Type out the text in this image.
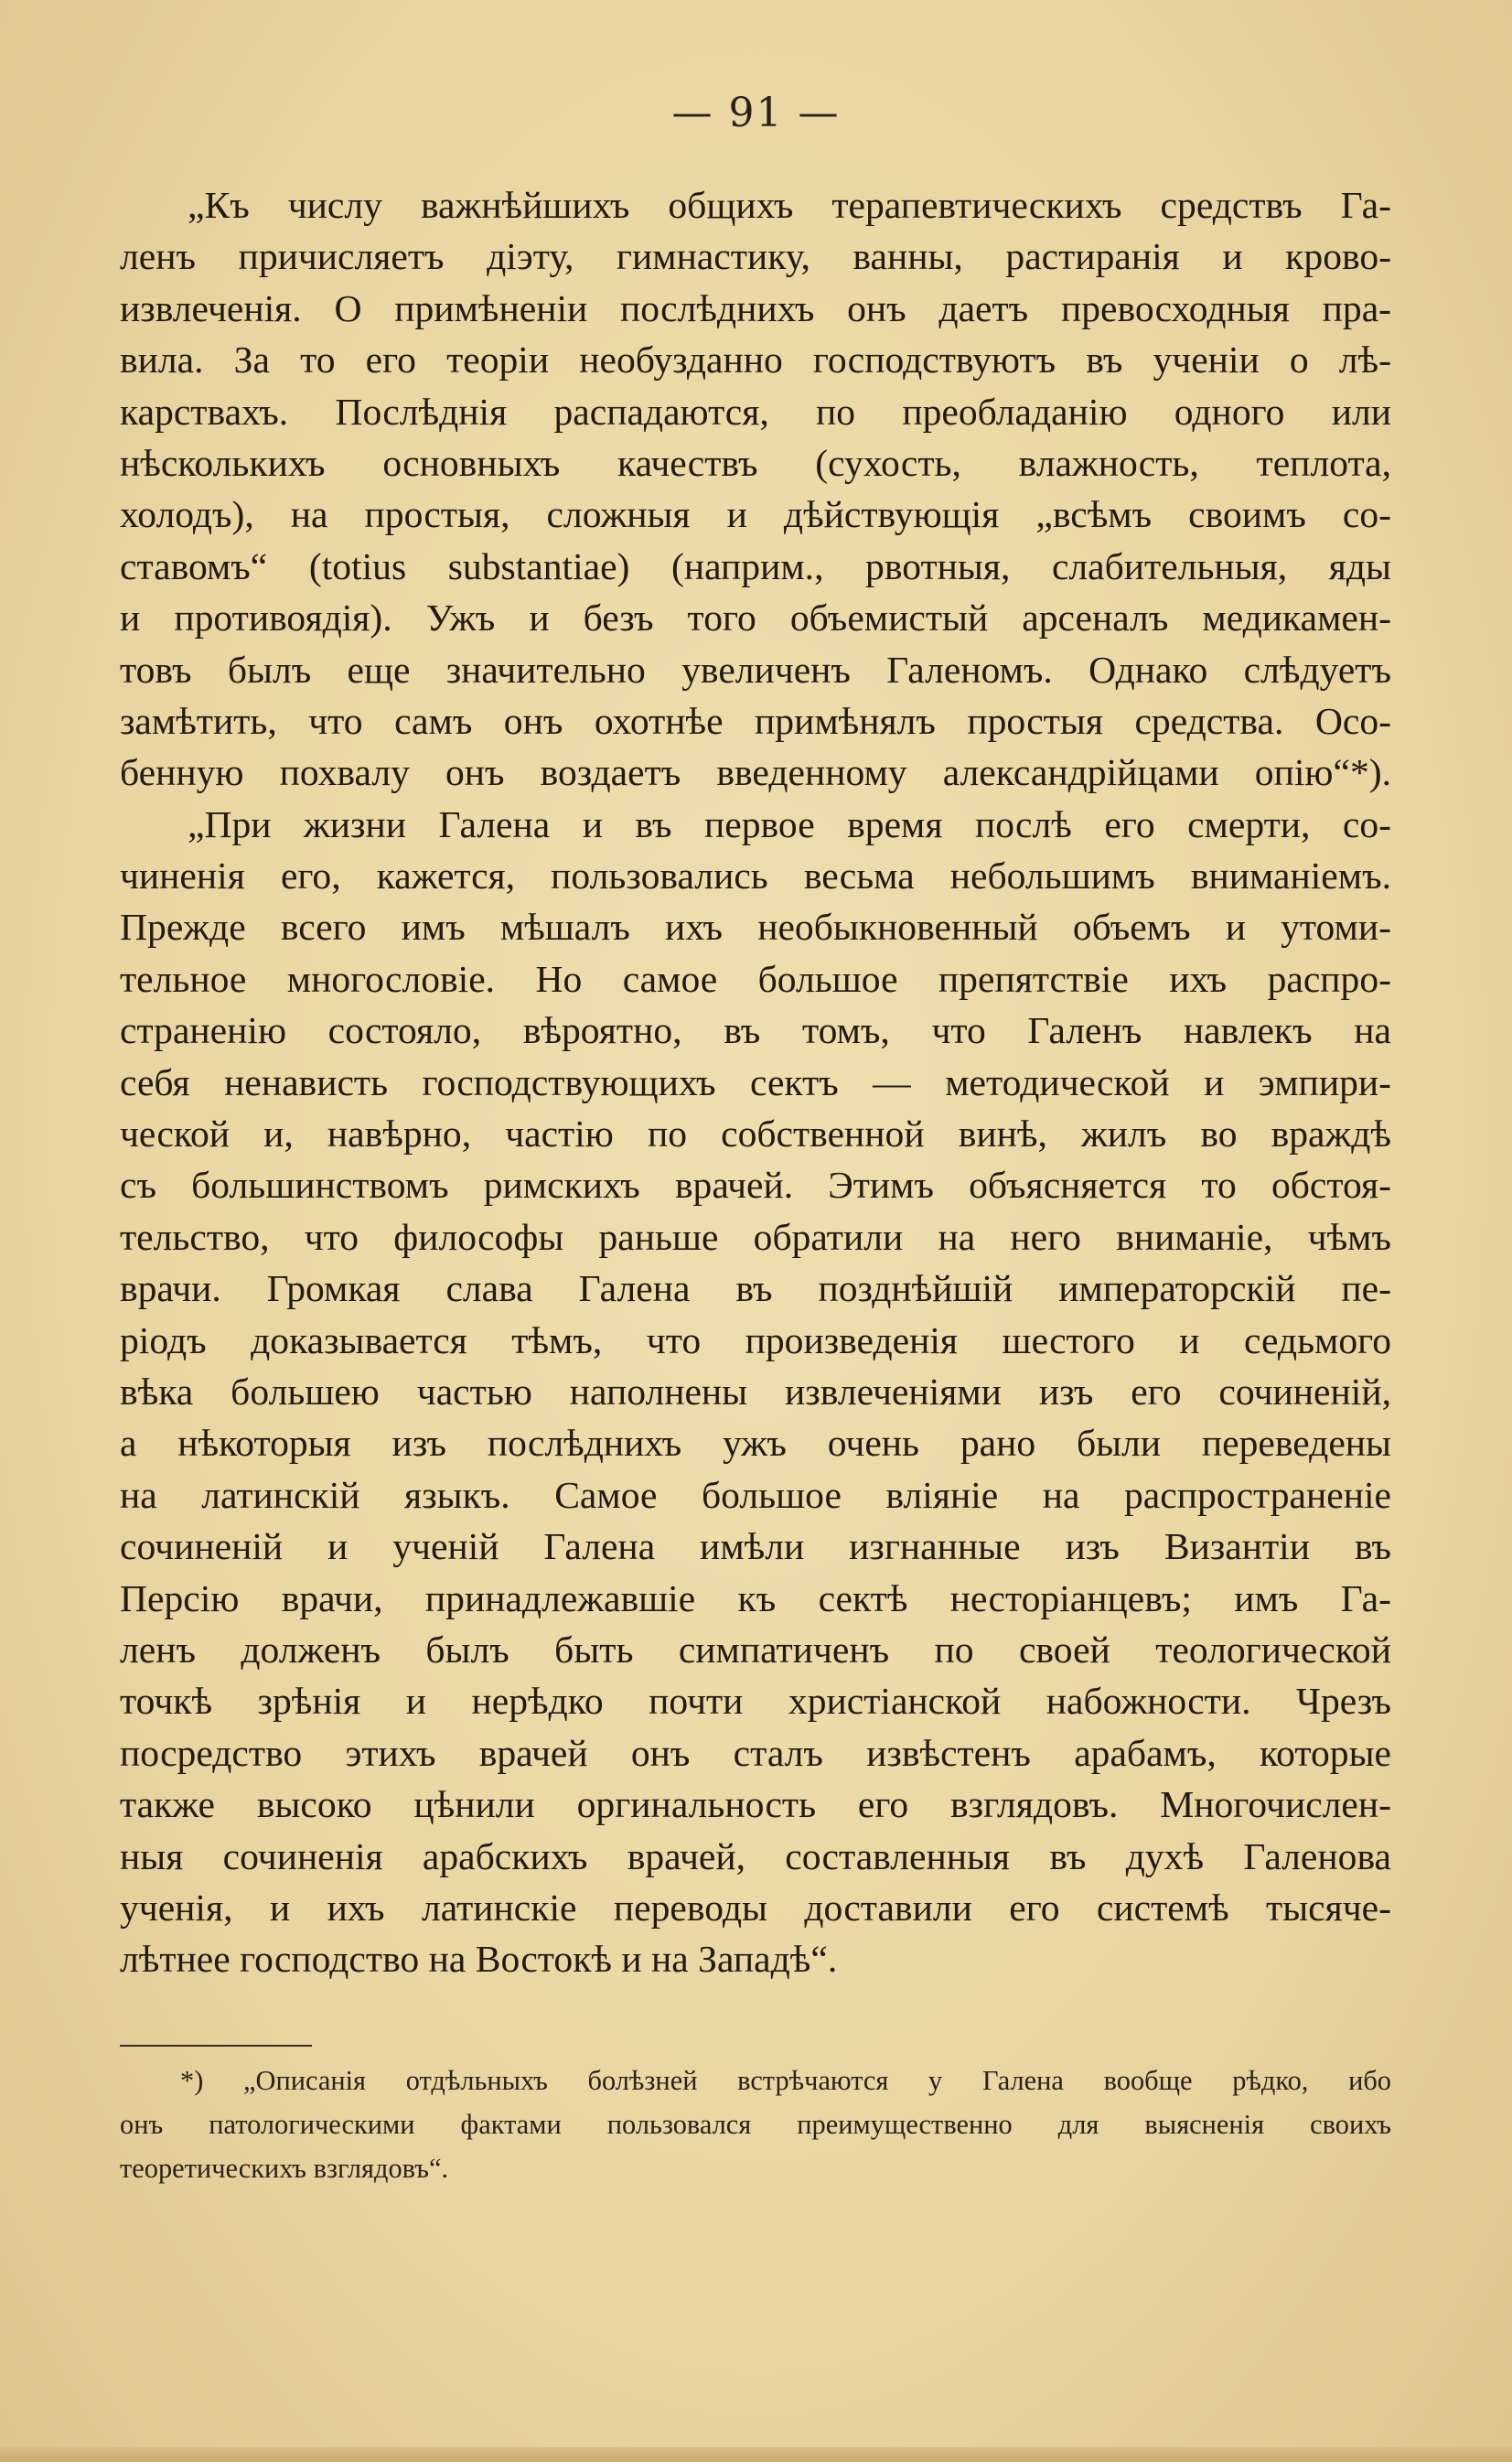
— 91 —
„Къ числу важнѣйшихъ общихъ терапевтическихъ средствъ Га-
ленъ причисляетъ діэту, гимнастику, ванны, растиранія и крово-
извлеченія. О примѣненіи послѣднихъ онъ даетъ превосходныя пра-
вила. За то его теоріи необузданно господствуютъ въ ученіи о лѣ-
карствахъ. Послѣднія распадаются, по преобладанію одного или
нѣсколькихъ основныхъ качествъ (сухость, влажность, теплота,
холодъ), на простыя, сложныя и дѣйствующія „всѣмъ своимъ со-
ставомъ“ (totius substantiae) (наприм., рвотныя, слабительныя, яды
и противоядія). Ужъ и безъ того объемистый арсеналъ медикамен-
товъ былъ еще значительно увеличенъ Галеномъ. Однако слѣдуетъ
замѣтить, что самъ онъ охотнѣе примѣнялъ простыя средства. Осо-
бенную похвалу онъ воздаетъ введенному александрійцами опію“*).
„При жизни Галена и въ первое время послѣ его смерти, со-
чиненія его, кажется, пользовались весьма небольшимъ вниманіемъ.
Прежде всего имъ мѣшалъ ихъ необыкновенный объемъ и утоми-
тельное многословіе. Но самое большое препятствіе ихъ распро-
страненію состояло, вѣроятно, въ томъ, что Галенъ навлекъ на
себя ненависть господствующихъ сектъ — методической и эмпири-
ческой и, навѣрно, частію по собственной винѣ, жилъ во враждѣ
съ большинствомъ римскихъ врачей. Этимъ объясняется то обстоя-
тельство, что философы раньше обратили на него вниманіе, чѣмъ
врачи. Громкая слава Галена въ позднѣйшій императорскій пе-
ріодъ доказывается тѣмъ, что произведенія шестого и седьмого
вѣка большею частью наполнены извлеченіями изъ его сочиненій,
а нѣкоторыя изъ послѣднихъ ужъ очень рано были переведены
на латинскій языкъ. Самое большое вліяніе на распространеніе
сочиненій и ученій Галена имѣли изгнанные изъ Византіи въ
Персію врачи, принадлежавшіе къ сектѣ несторіанцевъ; имъ Га-
ленъ долженъ былъ быть симпатиченъ по своей теологической
точкѣ зрѣнія и нерѣдко почти христіанской набожности. Чрезъ
посредство этихъ врачей онъ сталъ извѣстенъ арабамъ, которые
также высоко цѣнили оргинальность его взглядовъ. Многочислен-
ныя сочиненія арабскихъ врачей, составленныя въ духѣ Галенова
ученія, и ихъ латинскіе переводы доставили его системѣ тысяче-
лѣтнее господство на Востокѣ и на Западѣ“.
*) „Описанія отдѣльныхъ болѣзней встрѣчаются у Галена вообще рѣдко, ибо
онъ патологическими фактами пользовался преимущественно для выясненія своихъ
теоретическихъ взглядовъ“.
